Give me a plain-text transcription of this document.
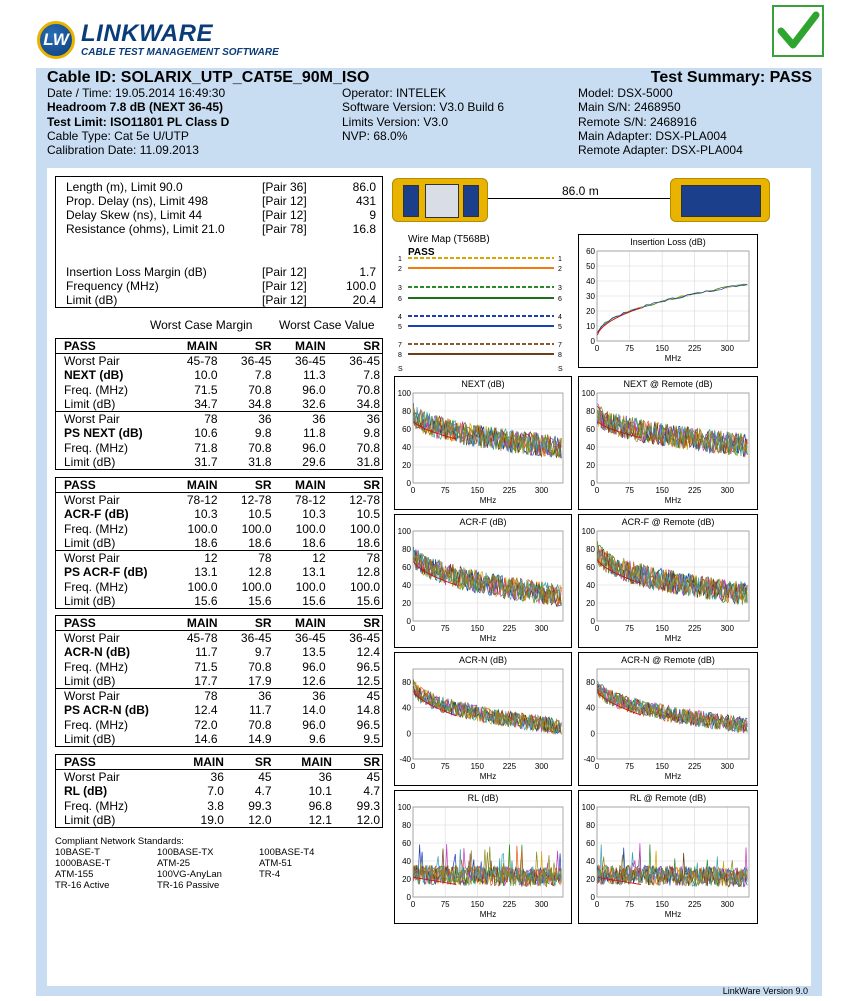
LW LINKWARE
CABLE TEST MANAGEMENT SOFTWARE
Cable ID: SOLARIX_UTP_CAT5E_90M_ISO	Test Summary: PASS
Date / Time: 19.05.2014 16:49:30
Headroom 7.8 dB (NEXT 36-45)
Test Limit: ISO11801 PL Class D
Cable Type: Cat 5e U/UTP
Calibration Date: 11.09.2013
Operator: INTELEK
Software Version: V3.0 Build 6
Limits Version: V3.0
NVP: 68.0%
Model: DSX-5000
Main S/N: 2468950
Remote S/N: 2468916
Main Adapter: DSX-PLA004
Remote Adapter: DSX-PLA004
Length (m), Limit 90.0	[Pair 36]	86.0
Prop. Delay (ns), Limit 498	[Pair 12]	431
Delay Skew (ns), Limit 44	[Pair 12]	9
Resistance (ohms), Limit 21.0	[Pair 78]	16.8
Insertion Loss Margin (dB)	[Pair 12]	1.7
Frequency (MHz)	[Pair 12]	100.0
Limit (dB)	[Pair 12]	20.4
Worst Case Margin Worst Case Value
PASS	MAIN	SR	MAIN	SR
Worst Pair	45-78	36-45	36-45	36-45
NEXT (dB)	10.0	7.8	11.3	7.8
Freq. (MHz)	71.5	70.8	96.0	70.8
Limit (dB)	34.7	34.8	32.6	34.8
Worst Pair	78	36	36	36
PS NEXT (dB)	10.6	9.8	11.8	9.8
Freq. (MHz)	71.8	70.8	96.0	70.8
Limit (dB)	31.7	31.8	29.6	31.8
PASS	MAIN	SR	MAIN	SR
Worst Pair	78-12	12-78	78-12	12-78
ACR-F (dB)	10.3	10.5	10.3	10.5
Freq. (MHz)	100.0	100.0	100.0	100.0
Limit (dB)	18.6	18.6	18.6	18.6
Worst Pair	12	78	12	78
PS ACR-F (dB)	13.1	12.8	13.1	12.8
Freq. (MHz)	100.0	100.0	100.0	100.0
Limit (dB)	15.6	15.6	15.6	15.6
PASS	MAIN	SR	MAIN	SR
Worst Pair	45-78	36-45	36-45	36-45
ACR-N (dB)	11.7	9.7	13.5	12.4
Freq. (MHz)	71.5	70.8	96.0	96.5
Limit (dB)	17.7	17.9	12.6	12.5
Worst Pair	78	36	36	45
PS ACR-N (dB)	12.4	11.7	14.0	14.8
Freq. (MHz)	72.0	70.8	96.0	96.5
Limit (dB)	14.6	14.9	9.6	9.5
PASS	MAIN	SR	MAIN	SR
Worst Pair	36	45	36	45
RL (dB)	7.0	4.7	10.1	4.7
Freq. (MHz)	3.8	99.3	96.8	99.3
Limit (dB)	19.0	12.0	12.1	12.0
Compliant Network Standards:
10BASE-T	100BASE-TX	100BASE-T4
1000BASE-T	ATM-25	ATM-51
ATM-155	100VG-AnyLan	TR-4
TR-16 Active	TR-16 Passive
86.0 m
Wire Map (T568B)
PASS
1	1
2	2
3	3
6	6
4	4
5	5
7	7
8	8
S	S
Insertion Loss (dB)
0
10
20
30
40
50
60
0	75	150 225 300
MHz
NEXT (dB)
0
20
40
60
80
100
0	75	150 225 300
MHz
NEXT @ Remote (dB)
0
20
40
60
80
100
0	75	150 225 300
MHz
ACR-F (dB)
0
20
40
60
80
100
0	75	150 225 300
MHz
ACR-F @ Remote (dB)
0
20
40
60
80
100
0	75	150 225 300
MHz
ACR-N (dB)
-40
0
40
80
0	75	150 225 300
MHz
ACR-N @ Remote (dB)
-40
0
40
80
0	75	150 225 300
MHz
RL (dB)
0
20
40
60
80
100
0	75	150 225 300
MHz
RL @ Remote (dB)
0
20
40
60
80
100
0	75	150 225 300
MHz
LinkWare Version 9.0
